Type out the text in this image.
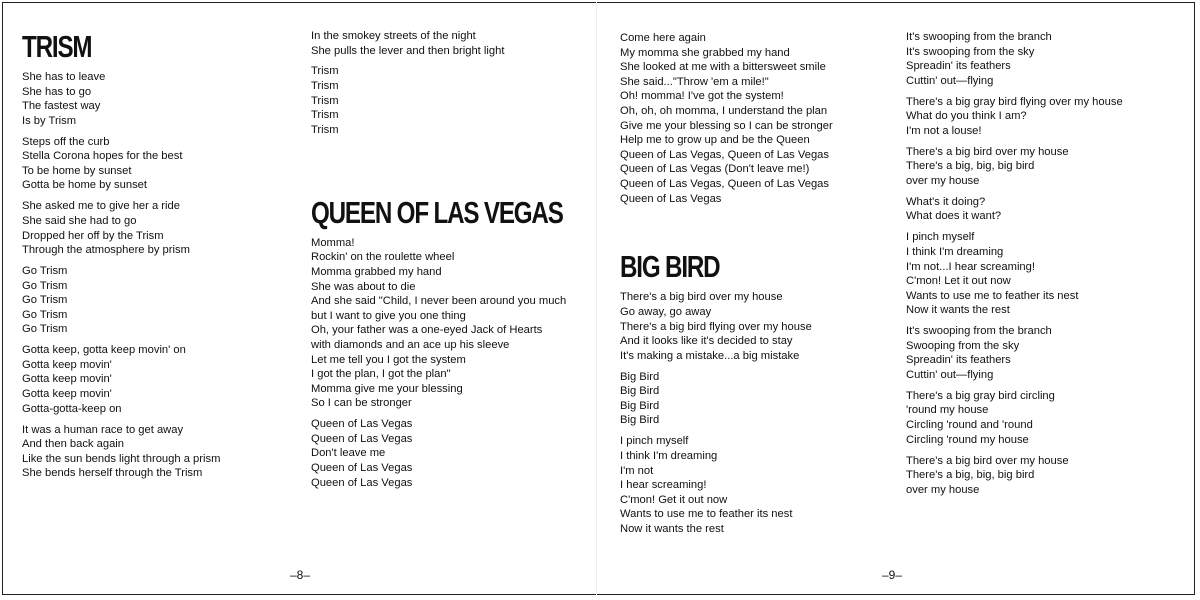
TRISM
She has to leave
She has to go
The fastest way
Is by Trism
Steps off the curb
Stella Corona hopes for the best
To be home by sunset
Gotta be home by sunset
She asked me to give her a ride
She said she had to go
Dropped her off by the Trism
Through the atmosphere by prism
Go Trism
Go Trism
Go Trism
Go Trism
Go Trism
Gotta keep, gotta keep movin' on
Gotta keep movin'
Gotta keep movin'
Gotta keep movin'
Gotta-gotta-keep on
It was a human race to get away
And then back again
Like the sun bends light through a prism
She bends herself through the Trism
In the smokey streets of the night
She pulls the lever and then bright light
Trism
Trism
Trism
Trism
Trism
QUEEN OF LAS VEGAS
Momma!
Rockin' on the roulette wheel
Momma grabbed my hand
She was about to die
And she said "Child, I never been around you much
but I want to give you one thing
Oh, your father was a one-eyed Jack of Hearts
with diamonds and an ace up his sleeve
Let me tell you I got the system
I got the plan, I got the plan"
Momma give me your blessing
So I can be stronger
Queen of Las Vegas
Queen of Las Vegas
Don't leave me
Queen of Las Vegas
Queen of Las Vegas
Come here again
My momma she grabbed my hand
She looked at me with a bittersweet smile
She said..."Throw 'em a mile!"
Oh! momma! I've got the system!
Oh, oh, oh momma, I understand the plan
Give me your blessing so I can be stronger
Help me to grow up and be the Queen
Queen of Las Vegas, Queen of Las Vegas
Queen of Las Vegas (Don't leave me!)
Queen of Las Vegas, Queen of Las Vegas
Queen of Las Vegas
BIG BIRD
There's a big bird over my house
Go away, go away
There's a big bird flying over my house
And it looks like it's decided to stay
It's making a mistake...a big mistake
Big Bird
Big Bird
Big Bird
Big Bird
I pinch myself
I think I'm dreaming
I'm not
I hear screaming!
C'mon! Get it out now
Wants to use me to feather its nest
Now it wants the rest
It's swooping from the branch
It's swooping from the sky
Spreadin' its feathers
Cuttin' out—flying
There's a big gray bird flying over my house
What do you think I am?
I'm not a louse!
There's a big bird over my house
There's a big, big, big bird
over my house
What's it doing?
What does it want?
I pinch myself
I think I'm dreaming
I'm not...I hear screaming!
C'mon! Let it out now
Wants to use me to feather its nest
Now it wants the rest
It's swooping from the branch
Swooping from the sky
Spreadin' its feathers
Cuttin' out—flying
There's a big gray bird circling
'round my house
Circling 'round and 'round
Circling 'round my house
There's a big bird over my house
There's a big, big, big bird
over my house
–8–	–9–
